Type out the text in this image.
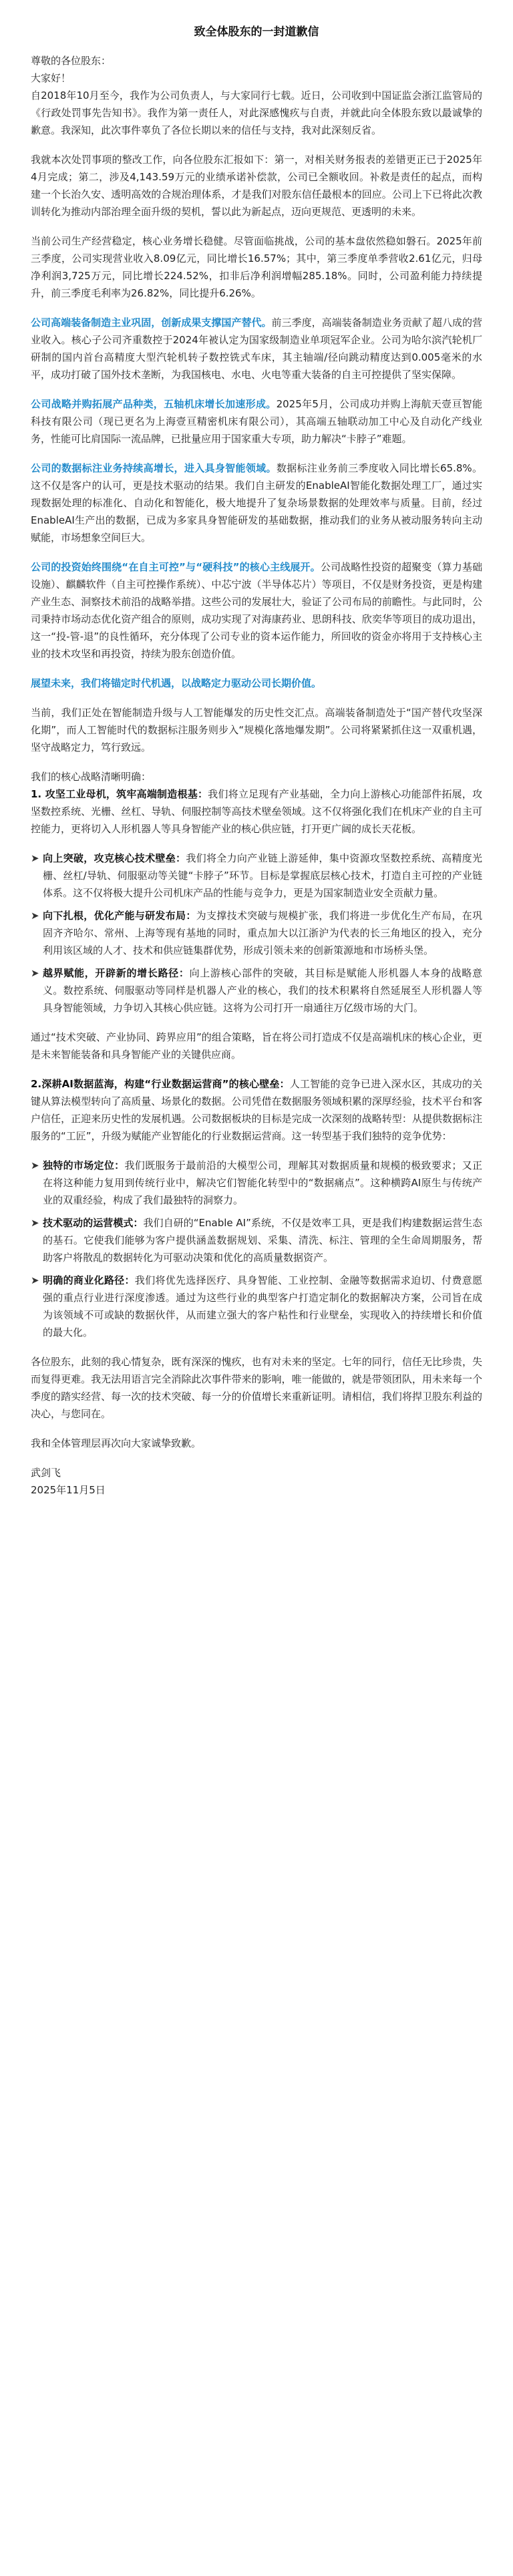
致全体股东的一封道歉信

尊敬的各位股东：

大家好！

自2018年10月至今，我作为公司负责人，与大家同行七载。近日，公司收到中国证监会浙江监管局的《行政处罚事先告知书》。我作为第一责任人，对此深感愧疚与自责，并就此向全体股东致以最诚挚的歉意。我深知，此次事件辜负了各位长期以来的信任与支持，我对此深刻反省。

我就本次处罚事项的整改工作，向各位股东汇报如下：第一，对相关财务报表的差错更正已于2025年4月完成；第二，涉及4,143.59万元的业绩承诺补偿款，公司已全额收回。补救是责任的起点，而构建一个长治久安、透明高效的合规治理体系，才是我们对股东信任最根本的回应。公司上下已将此次教训转化为推动内部治理全面升级的契机，誓以此为新起点，迈向更规范、更透明的未来。

当前公司生产经营稳定，核心业务增长稳健。尽管面临挑战，公司的基本盘依然稳如磐石。2025年前三季度，公司实现营业收入8.09亿元，同比增长16.57%；其中，第三季度单季营收2.61亿元，归母净利润3,725万元，同比增长224.52%，扣非后净利润增幅285.18%。同时，公司盈利能力持续提升，前三季度毛利率为26.82%，同比提升6.26%。

公司高端装备制造主业巩固，创新成果支撑国产替代。前三季度，高端装备制造业务贡献了超八成的营业收入。核心子公司齐重数控于2024年被认定为国家级制造业单项冠军企业。公司为哈尔滨汽轮机厂研制的国内首台高精度大型汽轮机转子数控铣式车床，其主轴端/径向跳动精度达到0.005毫米的水平，成功打破了国外技术垄断，为我国核电、水电、火电等重大装备的自主可控提供了坚实保障。

公司战略并购拓展产品种类，五轴机床增长加速形成。2025年5月，公司成功并购上海航天壹亘智能科技有限公司（现已更名为上海壹亘精密机床有限公司），其高端五轴联动加工中心及自动化产线业务，性能可比肩国际一流品牌，已批量应用于国家重大专项，助力解决“卡脖子”难题。

公司的数据标注业务持续高增长，进入具身智能领域。数据标注业务前三季度收入同比增长65.8%。这不仅是客户的认可，更是技术驱动的结果。我们自主研发的EnableAI智能化数据处理工厂，通过实现数据处理的标准化、自动化和智能化，极大地提升了复杂场景数据的处理效率与质量。目前，经过EnableAI生产出的数据，已成为多家具身智能研发的基础数据，推动我们的业务从被动服务转向主动赋能，市场想象空间巨大。

公司的投资始终围绕“在自主可控”与“硬科技”的核心主线展开。公司战略性投资的超聚变（算力基础设施）、麒麟软件（自主可控操作系统）、中芯宁波（半导体芯片）等项目，不仅是财务投资，更是构建产业生态、洞察技术前沿的战略举措。这些公司的发展壮大，验证了公司布局的前瞻性。与此同时，公司秉持市场动态优化资产组合的原则，成功实现了对海康药业、思朗科技、欣奕华等项目的成功退出，这一“投-管-退”的良性循环，充分体现了公司专业的资本运作能力，所回收的资金亦将用于支持核心主业的技术攻坚和再投资，持续为股东创造价值。

展望未来，我们将锚定时代机遇，以战略定力驱动公司长期价值。

当前，我们正处在智能制造升级与人工智能爆发的历史性交汇点。高端装备制造处于“国产替代攻坚深化期”，而人工智能时代的数据标注服务则步入“规模化落地爆发期”。公司将紧紧抓住这一双重机遇，坚守战略定力，笃行致远。

我们的核心战略清晰明确：

1. 攻坚工业母机，筑牢高端制造根基：我们将立足现有产业基础，全力向上游核心功能部件拓展，攻坚数控系统、光栅、丝杠、导轨、伺服控制等高技术壁垒领域。这不仅将强化我们在机床产业的自主可控能力，更将切入人形机器人等具身智能产业的核心供应链，打开更广阔的成长天花板。

➤ 向上突破，攻克核心技术壁垒：我们将全力向产业链上游延伸，集中资源攻坚数控系统、高精度光栅、丝杠/导轨、伺服驱动等关键“卡脖子”环节。目标是掌握底层核心技术，打造自主可控的产业链体系。这不仅将极大提升公司机床产品的性能与竞争力，更是为国家制造业安全贡献力量。
➤ 向下扎根，优化产能与研发布局：为支撑技术突破与规模扩张，我们将进一步优化生产布局，在巩固齐齐哈尔、常州、上海等现有基地的同时，重点加大以江浙沪为代表的长三角地区的投入，充分利用该区域的人才、技术和供应链集群优势，形成引领未来的创新策源地和市场桥头堡。
➤ 越界赋能，开辟新的增长路径：向上游核心部件的突破，其目标是赋能人形机器人本身的战略意义。数控系统、伺服驱动等同样是机器人产业的核心，我们的技术积累将自然延展至人形机器人等具身智能领域，力争切入其核心供应链。这将为公司打开一扇通往万亿级市场的大门。

通过“技术突破、产业协同、跨界应用”的组合策略，旨在将公司打造成不仅是高端机床的核心企业，更是未来智能装备和具身智能产业的关键供应商。

2.深耕AI数据蓝海，构建“行业数据运营商”的核心壁垒：人工智能的竞争已进入深水区，其成功的关键从算法模型转向了高质量、场景化的数据。公司凭借在数据服务领域积累的深厚经验，技术平台和客户信任，正迎来历史性的发展机遇。公司数据板块的目标是完成一次深刻的战略转型：从提供数据标注服务的“工匠”，升级为赋能产业智能化的行业数据运营商。这一转型基于我们独特的竞争优势：

➤ 独特的市场定位：我们既服务于最前沿的大模型公司，理解其对数据质量和规模的极致要求；又正在将这种能力复用到传统行业中，解决它们智能化转型中的“数据痛点”。这种横跨AI原生与传统产业的双重经验，构成了我们最独特的洞察力。
➤ 技术驱动的运营模式：我们自研的“Enable AI”系统，不仅是效率工具，更是我们构建数据运营生态的基石。它使我们能够为客户提供涵盖数据规划、采集、清洗、标注、管理的全生命周期服务，帮助客户将散乱的数据转化为可驱动决策和优化的高质量数据资产。
➤ 明确的商业化路径：我们将优先选择医疗、具身智能、工业控制、金融等数据需求迫切、付费意愿强的重点行业进行深度渗透。通过为这些行业的典型客户打造定制化的数据解决方案，公司旨在成为该领域不可或缺的数据伙伴，从而建立强大的客户粘性和行业壁垒，实现收入的持续增长和价值的最大化。

各位股东，此刻的我心情复杂，既有深深的愧疚，也有对未来的坚定。七年的同行，信任无比珍贵，失而复得更难。我无法用语言完全消除此次事件带来的影响，唯一能做的，就是带领团队，用未来每一个季度的踏实经营、每一次的技术突破、每一分的价值增长来重新证明。请相信，我们将捍卫股东利益的决心，与您同在。

我和全体管理层再次向大家诚挚致歉。

武剑飞

2025年11月5日
